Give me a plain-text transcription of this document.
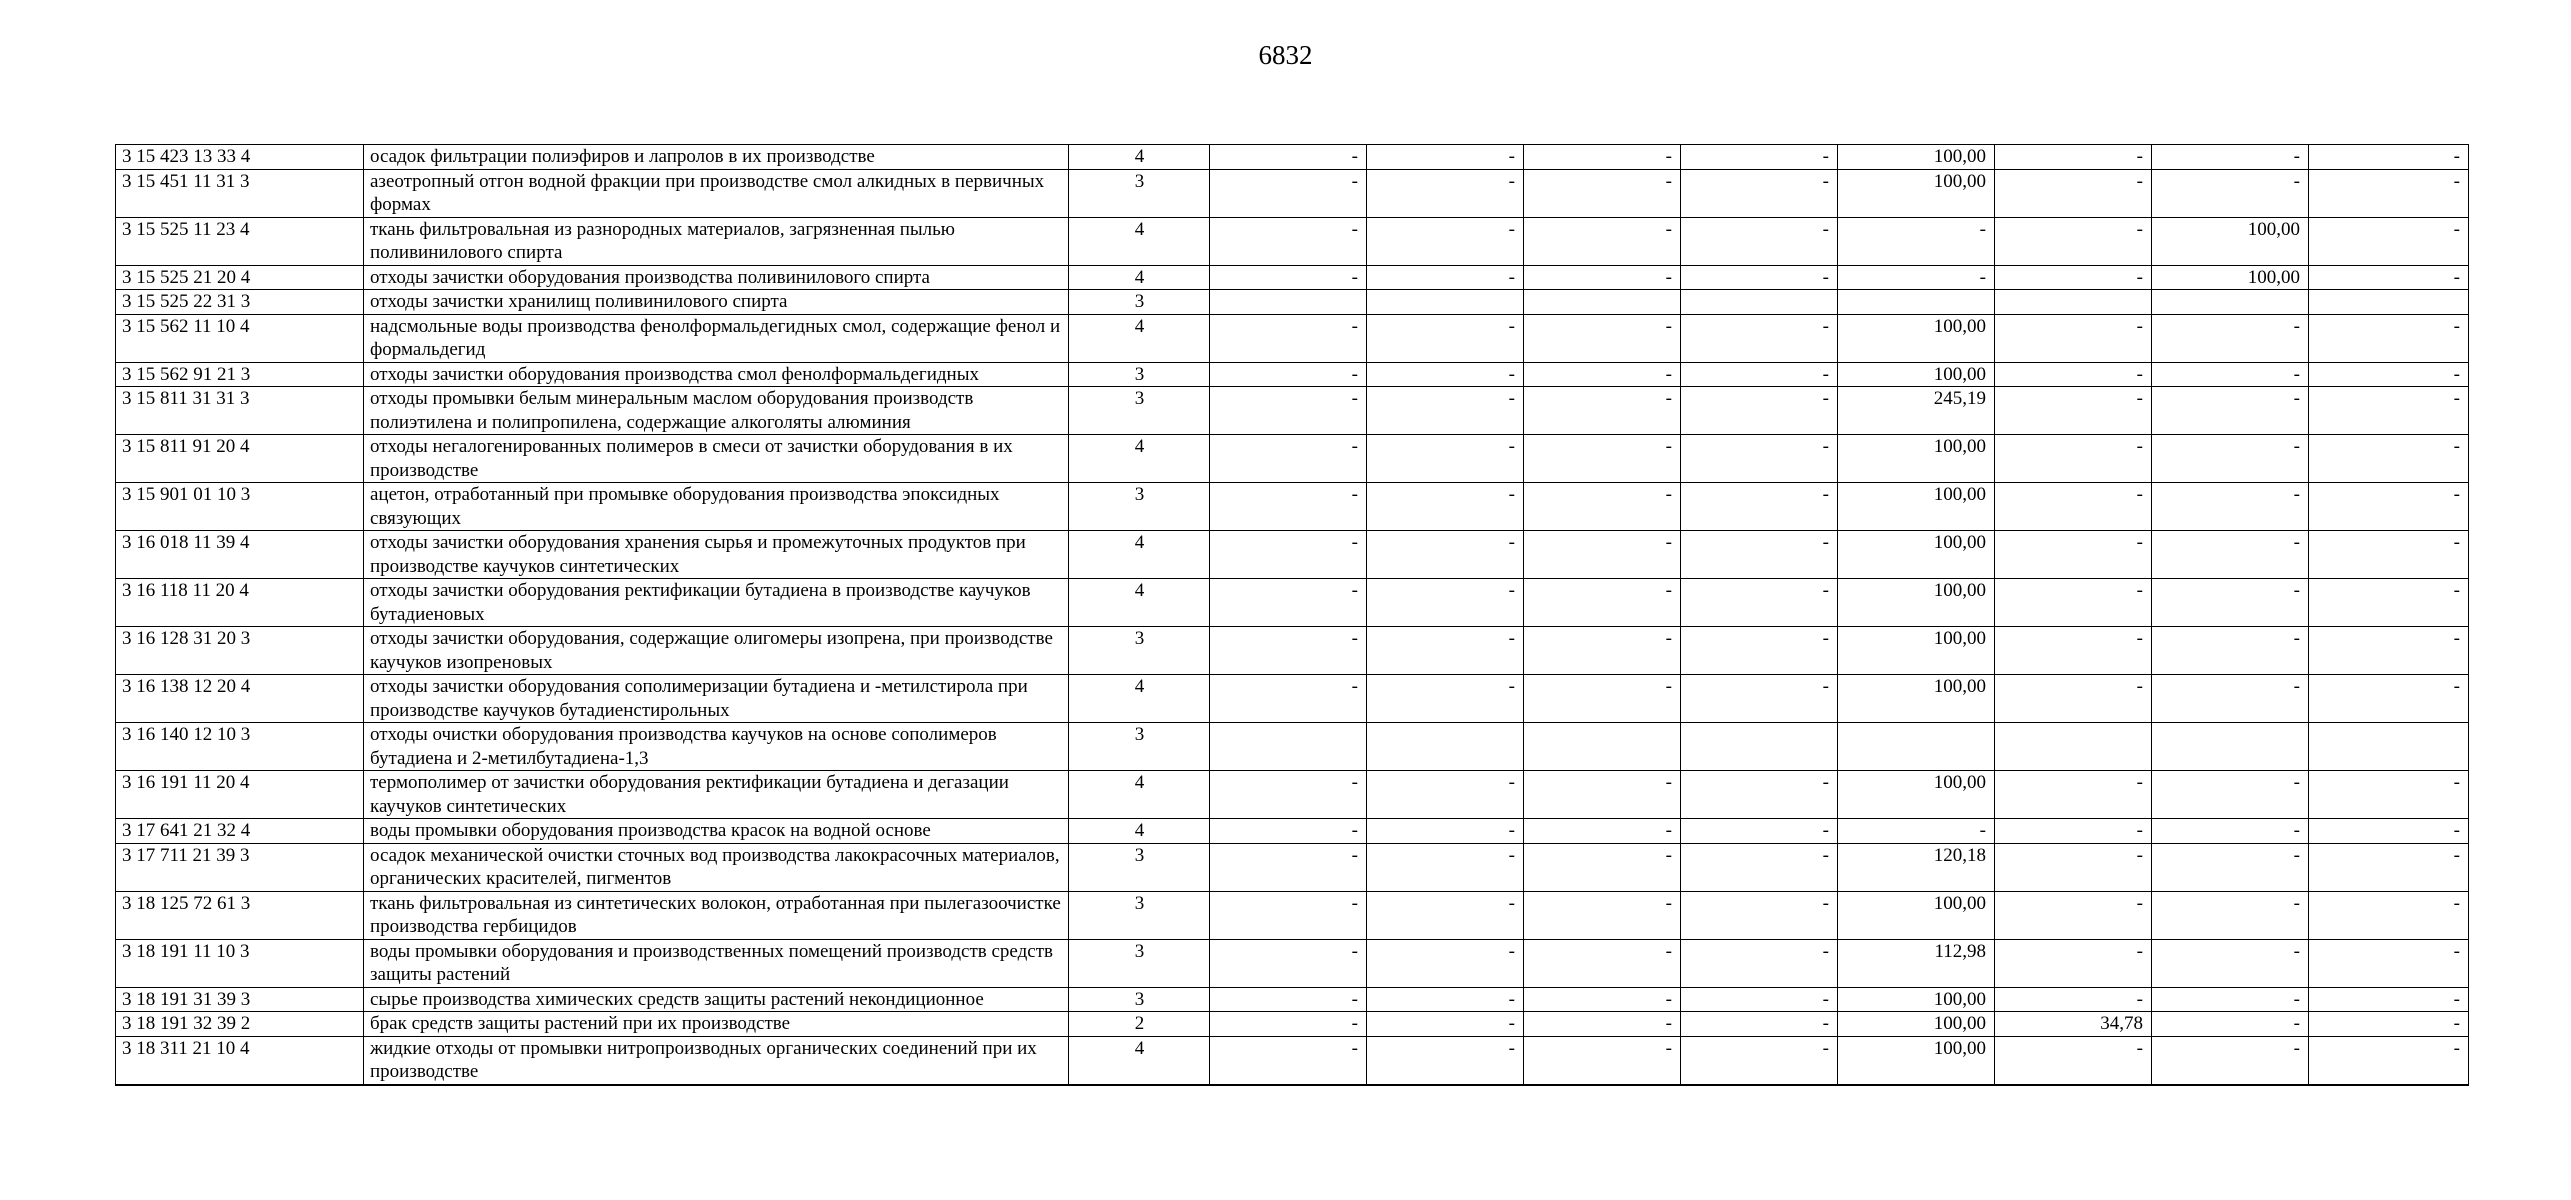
6832
3 15 423 13 33 4	осадок фильтрации полиэфиров и лапролов в их производстве	4	-	-	-	-	100,00	-	-	-
3 15 451 11 31 3	азеотропный отгон водной фракции при производстве смол алкидных в первичных формах	3	-	-	-	-	100,00	-	-	-
3 15 525 11 23 4	ткань фильтровальная из разнородных материалов, загрязненная пылью поливинилового спирта	4	-	-	-	-	-	-	100,00	-
3 15 525 21 20 4	отходы зачистки оборудования производства поливинилового спирта	4	-	-	-	-	-	-	100,00	-
3 15 525 22 31 3	отходы зачистки хранилищ поливинилового спирта	3								
3 15 562 11 10 4	надсмольные воды производства фенолформальдегидных смол, содержащие фенол и формальдегид	4	-	-	-	-	100,00	-	-	-
3 15 562 91 21 3	отходы зачистки оборудования производства смол фенолформальдегидных	3	-	-	-	-	100,00	-	-	-
3 15 811 31 31 3	отходы промывки белым минеральным маслом оборудования производств полиэтилена и полипропилена, содержащие алкоголяты алюминия	3	-	-	-	-	245,19	-	-	-
3 15 811 91 20 4	отходы негалогенированных полимеров в смеси от зачистки оборудования в их производстве	4	-	-	-	-	100,00	-	-	-
3 15 901 01 10 3	ацетон, отработанный при промывке оборудования производства эпоксидных связующих	3	-	-	-	-	100,00	-	-	-
3 16 018 11 39 4	отходы зачистки оборудования хранения сырья и промежуточных продуктов при производстве каучуков синтетических	4	-	-	-	-	100,00	-	-	-
3 16 118 11 20 4	отходы зачистки оборудования ректификации бутадиена в производстве каучуков бутадиеновых	4	-	-	-	-	100,00	-	-	-
3 16 128 31 20 3	отходы зачистки оборудования, содержащие олигомеры изопрена, при производстве каучуков изопреновых	3	-	-	-	-	100,00	-	-	-
3 16 138 12 20 4	отходы зачистки оборудования сополимеризации бутадиена и -метилстирола при производстве каучуков бутадиенстирольных	4	-	-	-	-	100,00	-	-	-
3 16 140 12 10 3	отходы очистки оборудования производства каучуков на основе сополимеров бутадиена и 2-метилбутадиена-1,3	3								
3 16 191 11 20 4	термополимер от зачистки оборудования ректификации бутадиена и дегазации каучуков синтетических	4	-	-	-	-	100,00	-	-	-
3 17 641 21 32 4	воды промывки оборудования производства красок на водной основе	4	-	-	-	-	-	-	-	-
3 17 711 21 39 3	осадок механической очистки сточных вод производства лакокрасочных материалов, органических красителей, пигментов	3	-	-	-	-	120,18	-	-	-
3 18 125 72 61 3	ткань фильтровальная из синтетических волокон, отработанная при пылегазоочистке производства гербицидов	3	-	-	-	-	100,00	-	-	-
3 18 191 11 10 3	воды промывки оборудования и производственных помещений производств средств защиты растений	3	-	-	-	-	112,98	-	-	-
3 18 191 31 39 3	сырье производства химических средств защиты растений некондиционное	3	-	-	-	-	100,00	-	-	-
3 18 191 32 39 2	брак средств защиты растений при их производстве	2	-	-	-	-	100,00	34,78	-	-
3 18 311 21 10 4	жидкие отходы от промывки нитропроизводных органических соединений при их производстве	4	-	-	-	-	100,00	-	-	-
